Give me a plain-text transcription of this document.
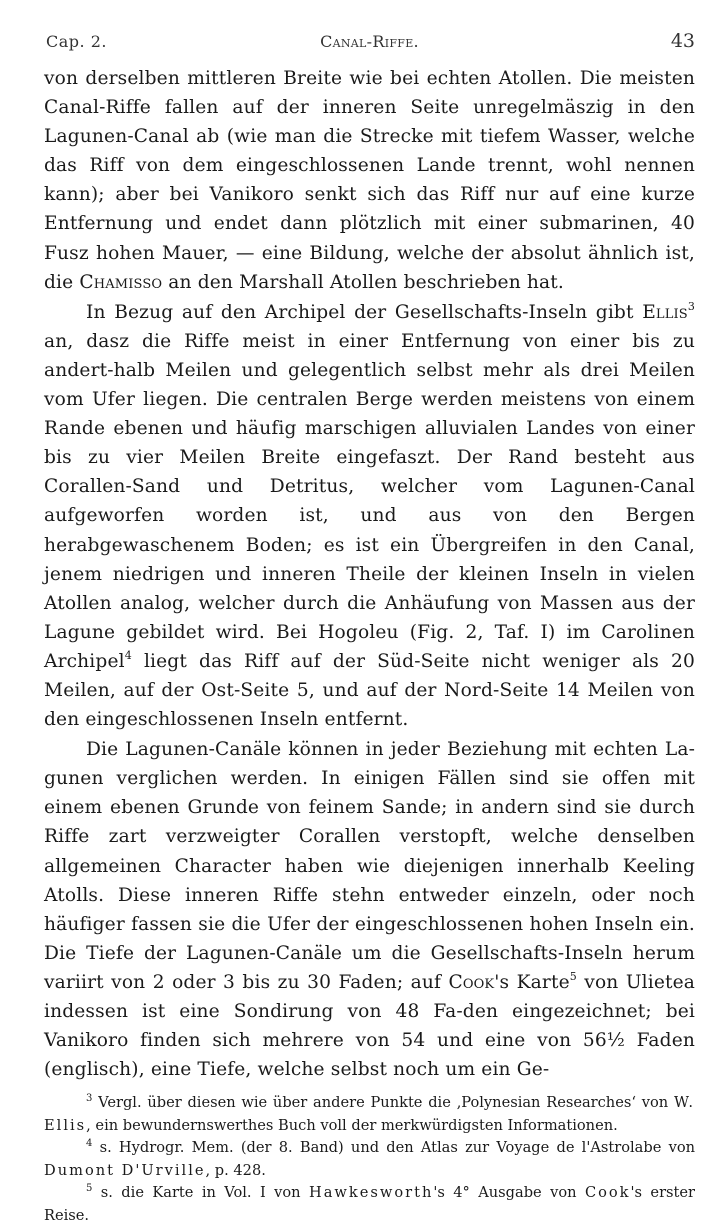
Cap. 2.	Canal-Riffe.	43

von derselben mittleren Breite wie bei echten Atollen. Die meisten Canal-Riffe fallen auf der inneren Seite unregelmäszig in den Lagunen-Canal ab (wie man die Strecke mit tiefem Wasser, welche das Riff von dem eingeschlossenen Lande trennt, wohl nennen kann); aber bei Vanikoro senkt sich das Riff nur auf eine kurze Entfernung und endet dann plötzlich mit einer submarinen, 40 Fusz hohen Mauer, — eine Bildung, welche der absolut ähnlich ist, die Chamisso an den Marshall Atollen beschrieben hat.

In Bezug auf den Archipel der Gesellschafts-Inseln gibt Ellis$^3$ an, dasz die Riffe meist in einer Entfernung von einer bis zu andert-halb Meilen und gelegentlich selbst mehr als drei Meilen vom Ufer liegen. Die centralen Berge werden meistens von einem Rande ebenen und häufig marschigen alluvialen Landes von einer bis zu vier Meilen Breite eingefaszt. Der Rand besteht aus Corallen-Sand und Detritus, welcher vom Lagunen-Canal aufgeworfen worden ist, und aus von den Bergen herabgewaschenem Boden; es ist ein Übergreifen in den Canal, jenem niedrigen und inneren Theile der kleinen Inseln in vielen Atollen analog, welcher durch die Anhäufung von Massen aus der Lagune gebildet wird. Bei Hogoleu (Fig. 2, Taf. I) im Carolinen Archipel$^4$ liegt das Riff auf der Süd-Seite nicht weniger als 20 Meilen, auf der Ost-Seite 5, und auf der Nord-Seite 14 Meilen von den eingeschlossenen Inseln entfernt.

Die Lagunen-Canäle können in jeder Beziehung mit echten La-gunen verglichen werden. In einigen Fällen sind sie offen mit einem ebenen Grunde von feinem Sande; in andern sind sie durch Riffe zart verzweigter Corallen verstopft, welche denselben allgemeinen Character haben wie diejenigen innerhalb Keeling Atolls. Diese inneren Riffe stehn entweder einzeln, oder noch häufiger fassen sie die Ufer der eingeschlossenen hohen Inseln ein. Die Tiefe der Lagunen-Canäle um die Gesellschafts-Inseln herum variirt von 2 oder 3 bis zu 30 Faden; auf Cook's Karte$^5$ von Ulietea indessen ist eine Sondirung von 48 Fa-den eingezeichnet; bei Vanikoro finden sich mehrere von 54 und eine von 56½ Faden (englisch), eine Tiefe, welche selbst noch um ein Ge-

$^3$ Vergl. über diesen wie über andere Punkte die ‚Polynesian Researches‘ von W. Ellis, ein bewundernswerthes Buch voll der merkwürdigsten Informationen.

$^4$ s. Hydrogr. Mem. (der 8. Band) und den Atlas zur Voyage de l'Astrolabe von Dumont D'Urville, p. 428.

$^5$ s. die Karte in Vol. I von Hawkesworth's 4° Ausgabe von Cook's erster Reise.
